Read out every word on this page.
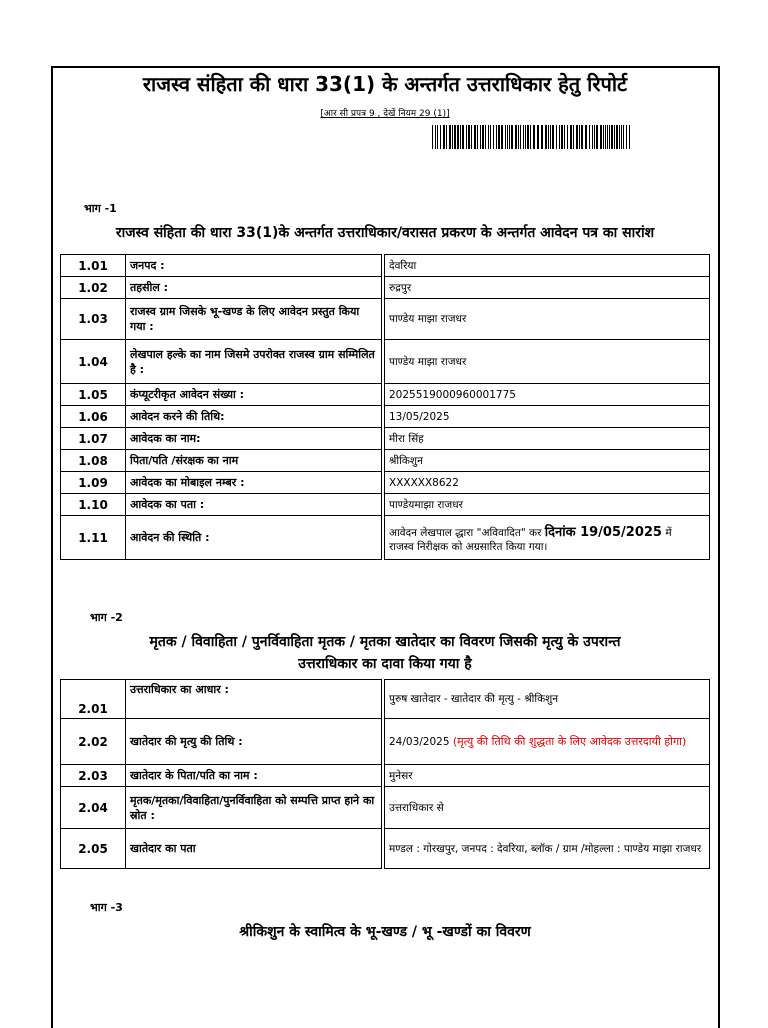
राजस्व संहिता की धारा 33(1) के अन्तर्गत उत्तराधिकार हेतु रिपोर्ट
[आर सी प्रपत्र 9 , देखें नियम 29 (1)]
भाग -1
राजस्व संहिता की धारा 33(1)के अन्तर्गत उत्तराधिकार/वरासत प्रकरण के अन्तर्गत आवेदन पत्र का सारांश
1.01	जनपद :		देवरिया
1.02	तहसील :		रुद्रपुर
1.03	राजस्व ग्राम जिसके भू-खण्ड के लिए आवेदन प्रस्तुत किया गया :		पाण्डेय माझा राजधर
1.04	लेखपाल हल्के का नाम जिसमे उपरोक्त राजस्व ग्राम सम्मिलित है :		पाण्डेय माझा राजधर
1.05	कंप्यूटरीकृत आवेदन संख्या :		2025519000960001775
1.06	आवेदन करने की तिथि:		13/05/2025
1.07	आवेदक का नाम:		मीरा सिंह
1.08	पिता/पति /संरक्षक का नाम		श्रीकिशुन
1.09	आवेदक का मोबाइल नम्बर :		XXXXXX8622
1.10	आवेदक का पता :		पाण्डेयमाझा राजधर
1.11	आवेदन की स्थिति :		आवेदन लेखपाल द्धारा "अविवादित" कर दिनांक 19/05/2025 में
राजस्व निरीक्षक को अग्रसारित किया गया।
भाग -2
मृतक / विवाहिता / पुनर्विवाहिता मृतक / मृतका खातेदार का विवरण जिसकी मृत्यु के उपरान्त
उत्तराधिकार का दावा किया गया है
2.01	उत्तराधिकार का आधार :		पुरुष खातेदार - खातेदार की मृत्यु - श्रीकिशुन
2.02	खातेदार की मृत्यु की तिथि :		24/03/2025 (मृत्यु की तिथि की शुद्धता के लिए आवेदक उत्तरदायी होगा)
2.03	खातेदार के पिता/पति का नाम :		मुनेसर
2.04	मृतक/मृतका/विवाहिता/पुनर्विवाहिता को सम्पत्ति प्राप्त हाने का स्रोत :		उत्तराधिकार से
2.05	खातेदार का पता		मण्डल : गोरखपुर, जनपद : देवरिया, ब्लॉक / ग्राम /मोहल्ला : पाण्डेय माझा राजधर
भाग -3
श्रीकिशुन के स्वामित्व के भू-खण्ड / भू -खण्डों का विवरण
